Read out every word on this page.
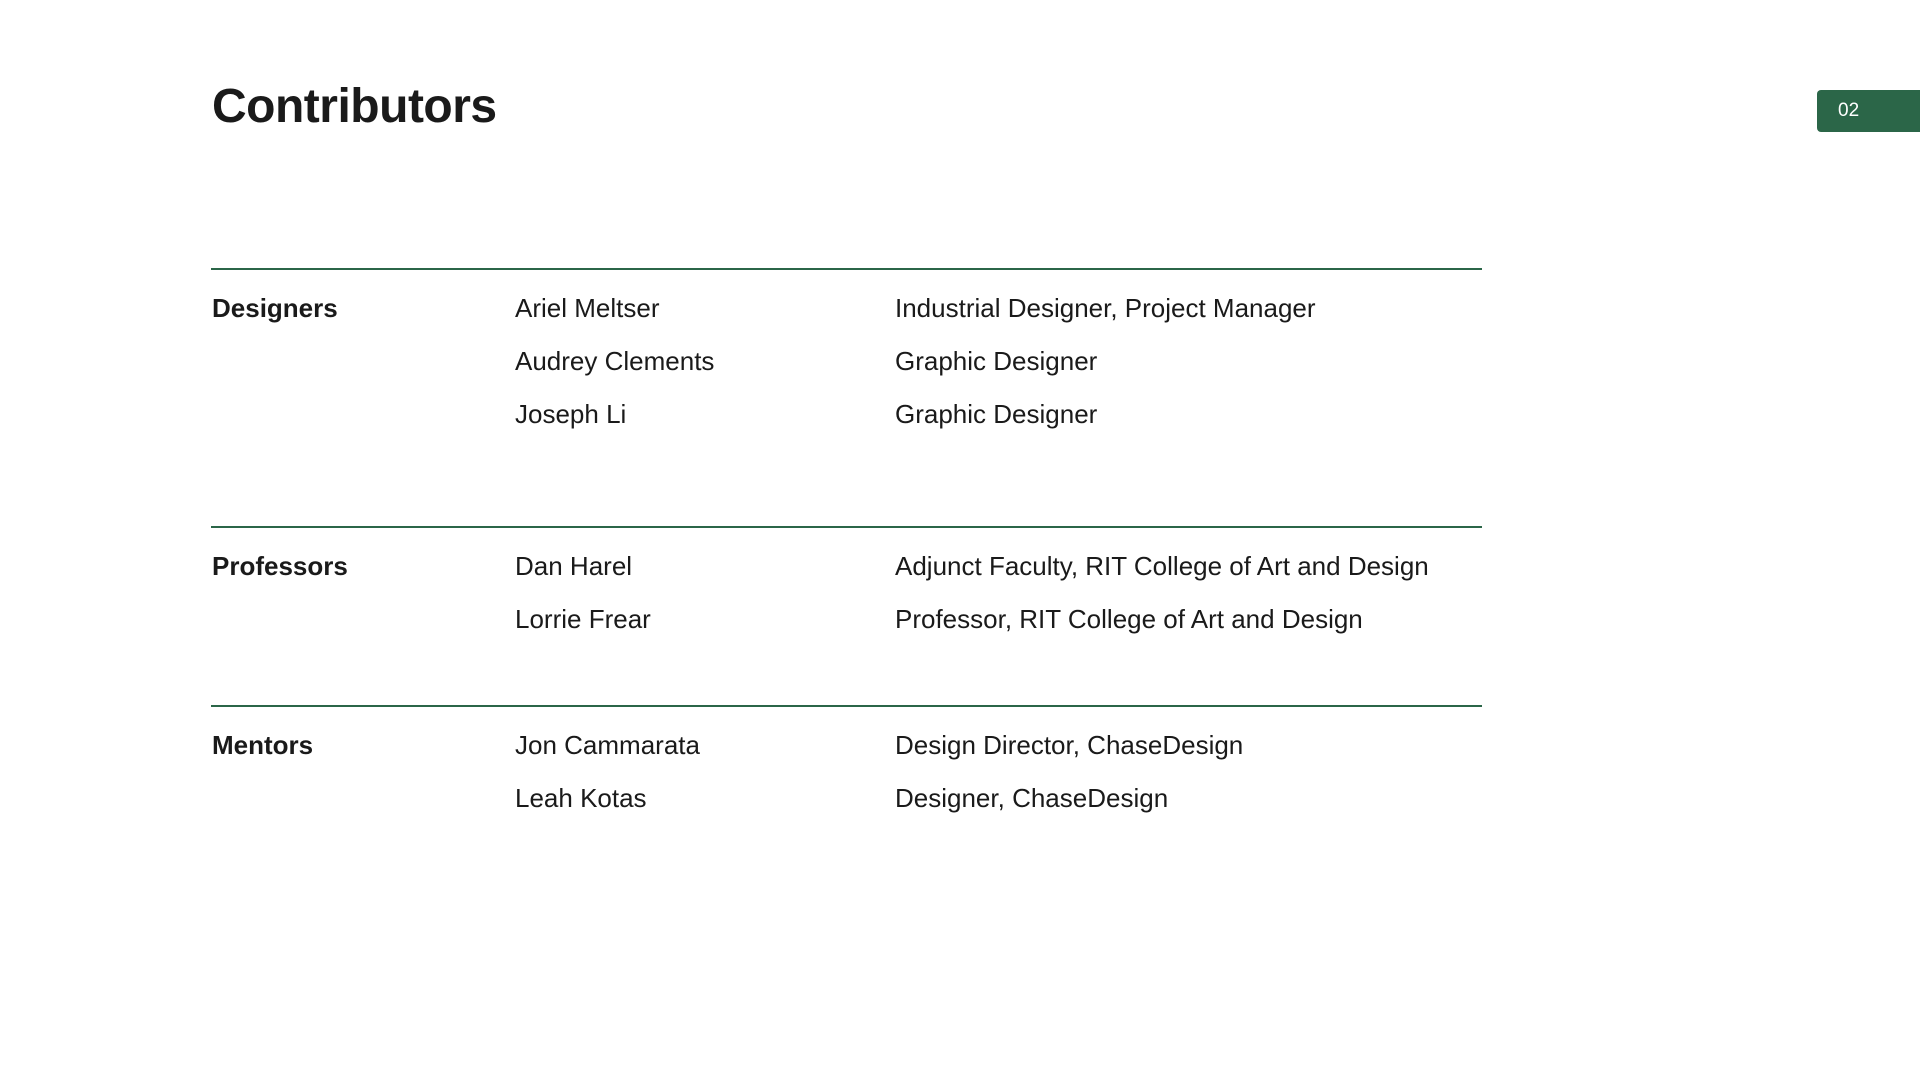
Contributors	02
Designers	Ariel Meltser	Industrial Designer, Project Manager
Audrey Clements	Graphic Designer
Joseph Li	Graphic Designer
Professors	Dan Harel	Adjunct Faculty, RIT College of Art and Design
Lorrie Frear	Professor, RIT College of Art and Design
Mentors	Jon Cammarata	Design Director, ChaseDesign
Leah Kotas	Designer, ChaseDesign
